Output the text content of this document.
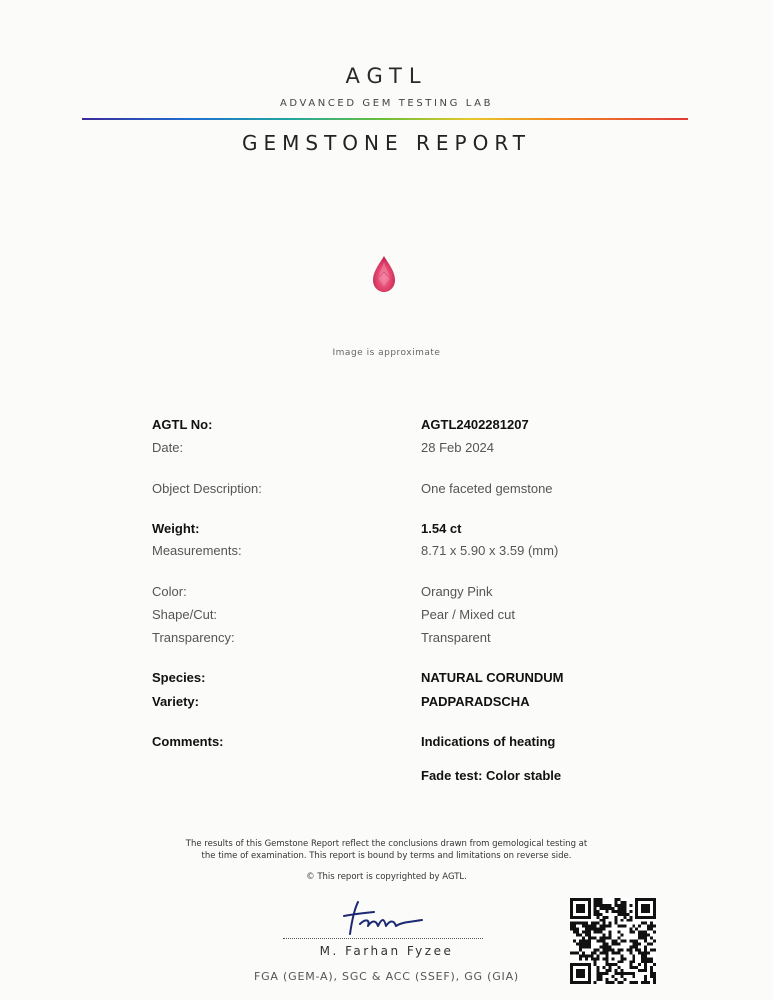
AGTL
ADVANCED GEM TESTING LAB
GEMSTONE REPORT
Image is approximate
AGTL No:	AGTL2402281207
Date:	28 Feb 2024
Object Description:	One faceted gemstone
Weight:	1.54 ct
Measurements:	8.71 x 5.90 x 3.59 (mm)
Color:	Orangy Pink
Shape/Cut:	Pear / Mixed cut
Transparency:	Transparent
Species:	NATURAL CORUNDUM
Variety:	PADPARADSCHA
Comments:	Indications of heating
Fade test: Color stable
The results of this Gemstone Report reflect the conclusions drawn from gemological testing at
the time of examination. This report is bound by terms and limitations on reverse side.
© This report is copyrighted by AGTL.
M. Farhan Fyzee
FGA (GEM-A), SGC & ACC (SSEF), GG (GIA)
